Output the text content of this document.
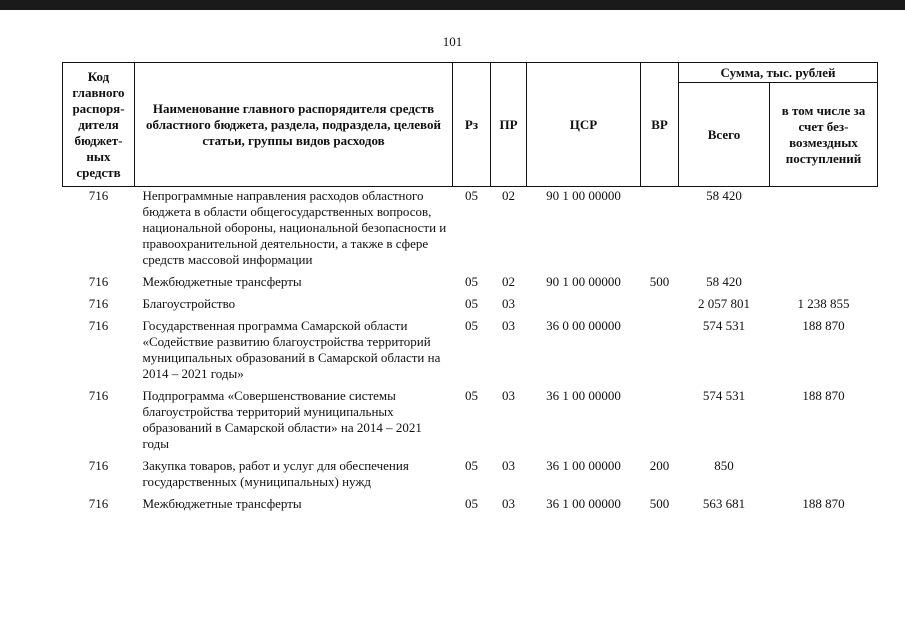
101
Код главного распоря-дителя бюджет-ных средств	Наименование главного распорядителя средств областного бюджета, раздела, подраздела, целевой статьи, группы видов расходов	Рз	ПР	ЦСР	ВР	Сумма, тыс. рублей	
						Всего	в том числе за счет без-возмездных поступлений
716	Непрограммные направления расходов областного бюджета в области общегосударственных вопросов, национальной обороны, национальной безопасности и правоохранительной деятельности, а также в сфере средств массовой информации	05	02	90 1 00 00000		58 420	
716	Межбюджетные трансферты	05	02	90 1 00 00000	500	58 420	
716	Благоустройство	05	03			2 057 801	1 238 855
716	Государственная программа Самарской области «Содействие развитию благоустройства территорий муниципальных образований в Самарской области на 2014 – 2021 годы»	05	03	36 0 00 00000		574 531	188 870
716	Подпрограмма «Совершенствование системы благоустройства территорий муниципальных образований в Самарской области» на 2014 – 2021 годы	05	03	36 1 00 00000		574 531	188 870
716	Закупка товаров, работ и услуг для обеспечения государственных (муниципальных) нужд	05	03	36 1 00 00000	200	850	
716	Межбюджетные трансферты	05	03	36 1 00 00000	500	563 681	188 870
